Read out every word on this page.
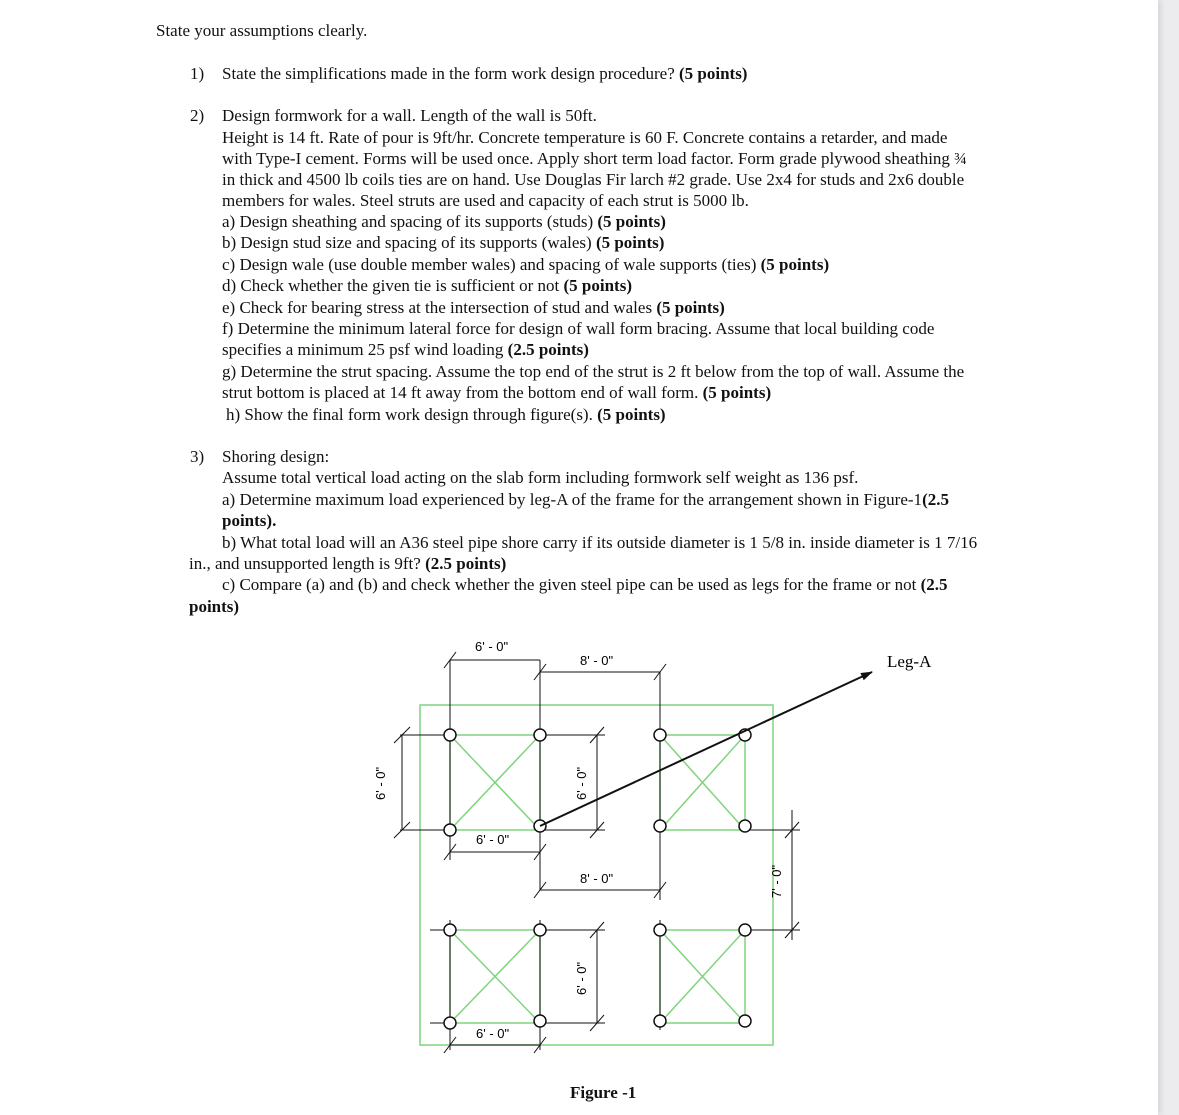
State your assumptions clearly.
1) State the simplifications made in the form work design procedure? (5 points)
2) Design formwork for a wall. Length of the wall is 50ft.
Height is 14 ft. Rate of pour is 9ft/hr. Concrete temperature is 60 F. Concrete contains a retarder, and made
with Type-I cement. Forms will be used once. Apply short term load factor. Form grade plywood sheathing ¾
in thick and 4500 lb coils ties are on hand. Use Douglas Fir larch #2 grade. Use 2x4 for studs and 2x6 double
members for wales. Steel struts are used and capacity of each strut is 5000 lb.
a) Design sheathing and spacing of its supports (studs) (5 points)
b) Design stud size and spacing of its supports (wales) (5 points)
c) Design wale (use double member wales) and spacing of wale supports (ties) (5 points)
d) Check whether the given tie is sufficient or not (5 points)
e) Check for bearing stress at the intersection of stud and wales (5 points)
f) Determine the minimum lateral force for design of wall form bracing. Assume that local building code
specifies a minimum 25 psf wind loading (2.5 points)
g) Determine the strut spacing. Assume the top end of the strut is 2 ft below from the top of wall. Assume the
strut bottom is placed at 14 ft away from the bottom end of wall form. (5 points)
h) Show the final form work design through figure(s). (5 points)
3) Shoring design:
Assume total vertical load acting on the slab form including formwork self weight as 136 psf.
a) Determine maximum load experienced by leg-A of the frame for the arrangement shown in Figure-1(2.5
points).
b) What total load will an A36 steel pipe shore carry if its outside diameter is 1 5/8 in. inside diameter is 1 7/16
in., and unsupported length is 9ft? (2.5 points)
c) Compare (a) and (b) and check whether the given steel pipe can be used as legs for the frame or not (2.5
points)
6' - 0"
8' - 0"
6' - 0"
8' - 0"
6' - 0"
6' - 0"	6' - 0"
6' - 0"
7' - 0"
Leg-A
Figure -1
